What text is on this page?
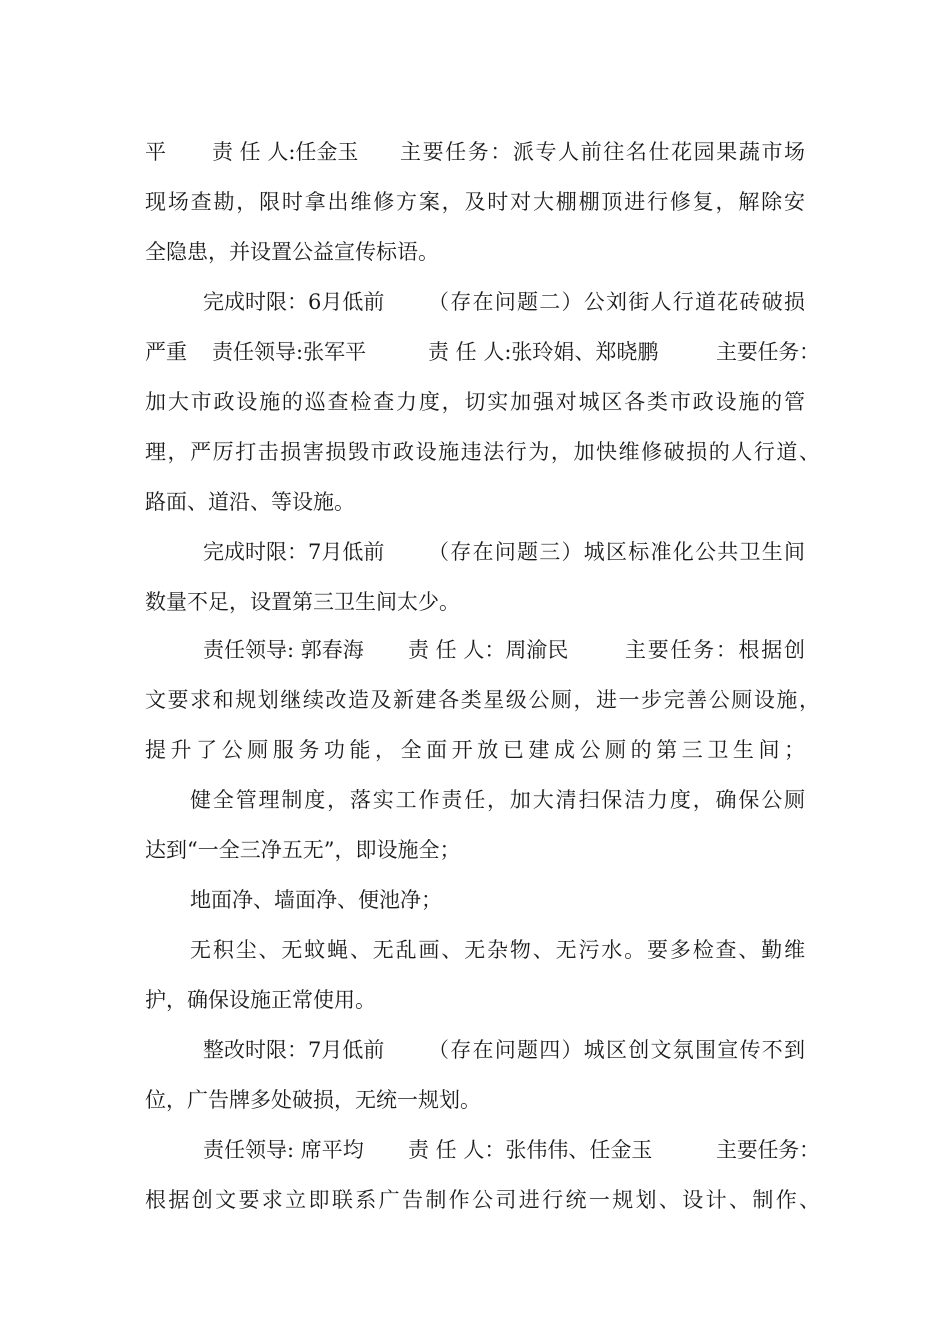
平 责 任 人:任金玉 主要任务：派专人前往名仕花园果蔬市场
现场查勘，限时拿出维修方案，及时对大棚棚顶进行修复，解除安
全隐患，并设置公益宣传标语。
完成时限：6月低前 （存在问题二）公刘街人行道花砖破损
严重 责任领导:张军平	责 任 人:张玲娟、郑晓鹏	主要任务：
加大市政设施的巡查检查力度，切实加强对城区各类市政设施的管
理，严厉打击损害损毁市政设施违法行为，加快维修破损的人行道、
路面、道沿、等设施。
完成时限：7月低前 （存在问题三）城区标准化公共卫生间
数量不足，设置第三卫生间太少。
责任领导: 郭春海 责 任 人：周渝民	主要任务：根据创
文要求和规划继续改造及新建各类星级公厕，进一步完善公厕设施，
提升了公厕服务功能，全面开放已建成公厕的第三卫生间；
健全管理制度，落实工作责任，加大清扫保洁力度，确保公厕
达到“一全三净五无”，即设施全；
地面净、墙面净、便池净；
无积尘、无蚊蝇、无乱画、无杂物、无污水。要多检查、勤维
护，确保设施正常使用。
整改时限：7月低前 （存在问题四）城区创文氛围宣传不到
位，广告牌多处破损，无统一规划。
责任领导: 席平均 责 任 人：张伟伟、任金玉	主要任务：
根据创文要求立即联系广告制作公司进行统一规划、设计、制作、
